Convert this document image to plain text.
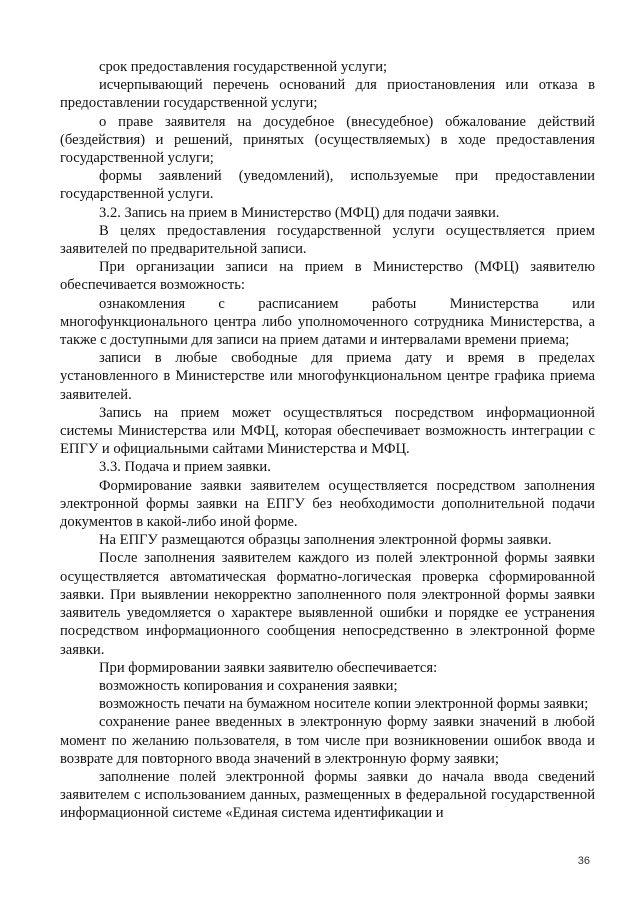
срок предоставления государственной услуги;

исчерпывающий перечень оснований для приостановления или отказа в предоставлении государственной услуги;

о праве заявителя на досудебное (внесудебное) обжалование действий (бездействия) и решений, принятых (осуществляемых) в ходе предоставления государственной услуги;

формы заявлений (уведомлений), используемые при предоставлении государственной услуги.

3.2. Запись на прием в Министерство (МФЦ) для подачи заявки.

В целях предоставления государственной услуги осуществляется прием заявителей по предварительной записи.

При организации записи на прием в Министерство (МФЦ) заявителю обеспечивается возможность:

ознакомления с расписанием работы Министерства или многофункционального центра либо уполномоченного сотрудника Министерства, а также с доступными для записи на прием датами и интервалами времени приема;

записи в любые свободные для приема дату и время в пределах установленного в Министерстве или многофункциональном центре графика приема заявителей.

Запись на прием может осуществляться посредством информационной системы Министерства или МФЦ, которая обеспечивает возможность интеграции с ЕПГУ и официальными сайтами Министерства и МФЦ.

3.3. Подача и прием заявки.

Формирование заявки заявителем осуществляется посредством заполнения электронной формы заявки на ЕПГУ без необходимости дополнительной подачи документов в какой-либо иной форме.

На ЕПГУ размещаются образцы заполнения электронной формы заявки.

После заполнения заявителем каждого из полей электронной формы заявки осуществляется автоматическая форматно-логическая проверка сформированной заявки. При выявлении некорректно заполненного поля электронной формы заявки заявитель уведомляется о характере выявленной ошибки и порядке ее устранения посредством информационного сообщения непосредственно в электронной форме заявки.

При формировании заявки заявителю обеспечивается:

возможность копирования и сохранения заявки;

возможность печати на бумажном носителе копии электронной формы заявки;

сохранение ранее введенных в электронную форму заявки значений в любой момент по желанию пользователя, в том числе при возникновении ошибок ввода и возврате для повторного ввода значений в электронную форму заявки;

заполнение полей электронной формы заявки до начала ввода сведений заявителем с использованием данных, размещенных в федеральной государственной информационной системе «Единая система идентификации и

36
